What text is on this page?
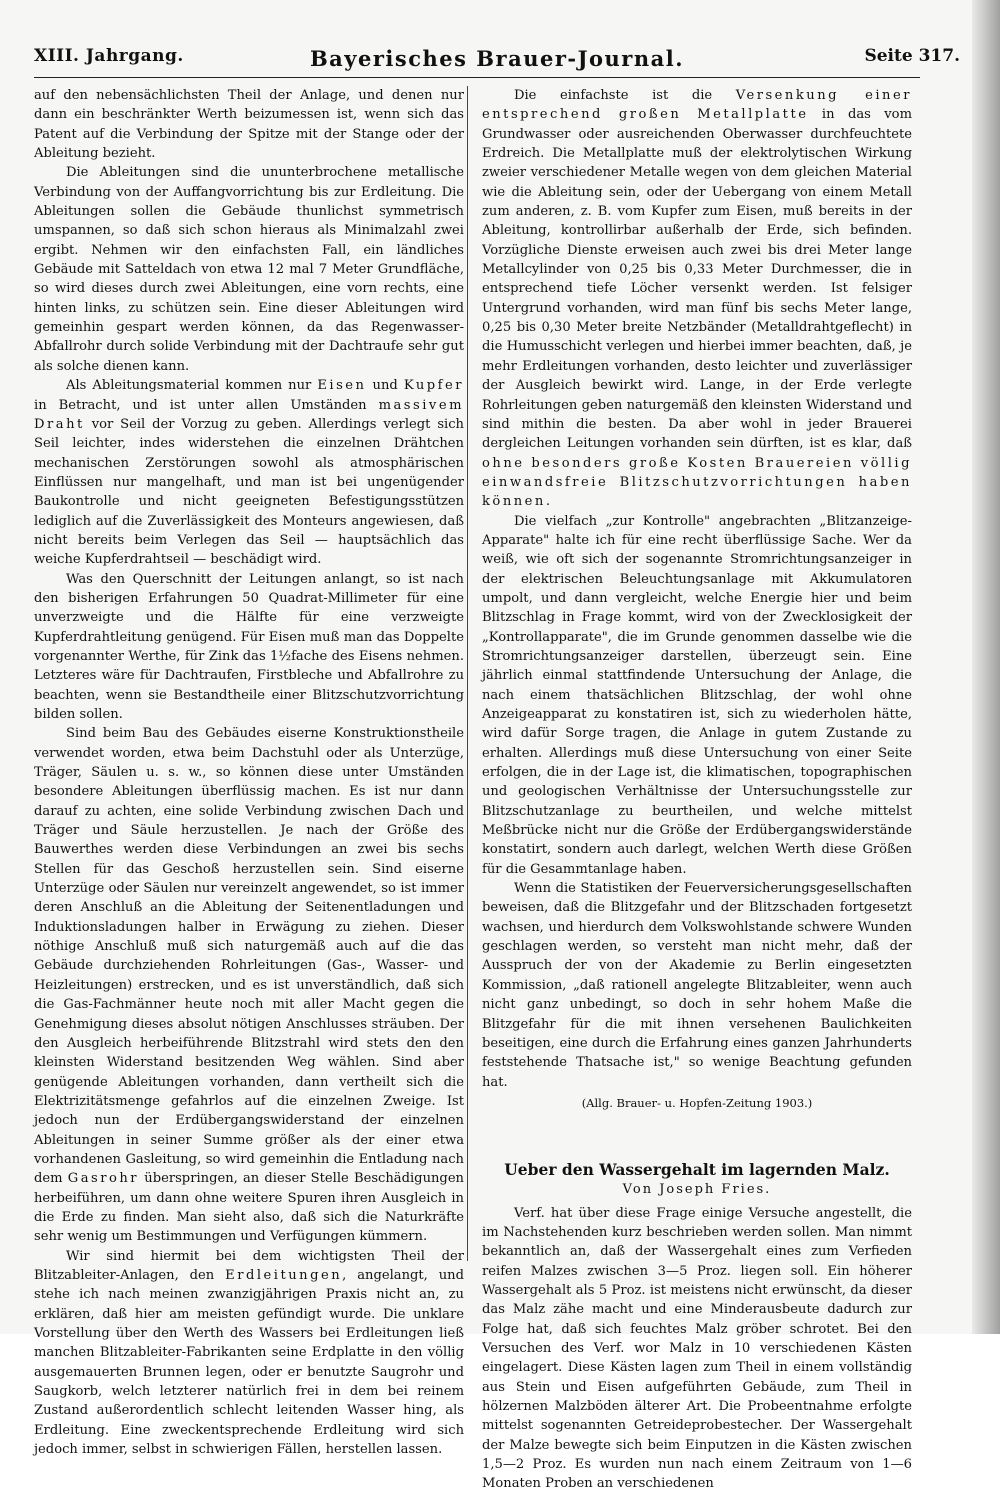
XIII. Jahrgang.	Bayerisches Brauer-Journal.	Seite 317.

auf den nebensächlichsten Theil der Anlage, und denen nur dann ein beschränkter Werth beizumessen ist, wenn sich das Patent auf die Verbindung der Spitze mit der Stange oder der Ableitung bezieht.

Die Ableitungen sind die ununterbrochene metallische Verbindung von der Auffangvorrichtung bis zur Erdleitung. Die Ableitungen sollen die Gebäude thunlichst symmetrisch umspannen, so daß sich schon hieraus als Minimalzahl zwei ergibt. Nehmen wir den einfachsten Fall, ein ländliches Gebäude mit Satteldach von etwa 12 mal 7 Meter Grundfläche, so wird dieses durch zwei Ableitungen, eine vorn rechts, eine hinten links, zu schützen sein. Eine dieser Ableitungen wird gemeinhin gespart werden können, da das Regenwasser-Abfallrohr durch solide Verbindung mit der Dachtraufe sehr gut als solche dienen kann.

Als Ableitungsmaterial kommen nur Eisen und Kupfer in Betracht, und ist unter allen Umständen massivem Draht vor Seil der Vorzug zu geben. Allerdings verlegt sich Seil leichter, indes widerstehen die einzelnen Drähtchen mechanischen Zerstörungen sowohl als atmosphärischen Einflüssen nur mangelhaft, und man ist bei ungenügender Baukontrolle und nicht geeigneten Befestigungsstützen lediglich auf die Zuverlässigkeit des Monteurs angewiesen, daß nicht bereits beim Verlegen das Seil — hauptsächlich das weiche Kupferdrahtseil — beschädigt wird.

Was den Querschnitt der Leitungen anlangt, so ist nach den bisherigen Erfahrungen 50 Quadrat-Millimeter für eine unverzweigte und die Hälfte für eine verzweigte Kupferdrahtleitung genügend. Für Eisen muß man das Doppelte vorgenannter Werthe, für Zink das 1½fache des Eisens nehmen. Letzteres wäre für Dachtraufen, Firstbleche und Abfallrohre zu beachten, wenn sie Bestandtheile einer Blitzschutzvorrichtung bilden sollen.

Sind beim Bau des Gebäudes eiserne Konstruktionstheile verwendet worden, etwa beim Dachstuhl oder als Unterzüge, Träger, Säulen u. s. w., so können diese unter Umständen besondere Ableitungen überflüssig machen. Es ist nur dann darauf zu achten, eine solide Verbindung zwischen Dach und Träger und Säule herzustellen. Je nach der Größe des Bauwerthes werden diese Verbindungen an zwei bis sechs Stellen für das Geschoß herzustellen sein. Sind eiserne Unterzüge oder Säulen nur vereinzelt angewendet, so ist immer deren Anschluß an die Ableitung der Seitenentladungen und Induktionsladungen halber in Erwägung zu ziehen. Dieser nöthige Anschluß muß sich naturgemäß auch auf die das Gebäude durchziehenden Rohrleitungen (Gas-, Wasser- und Heizleitungen) erstrecken, und es ist unverständlich, daß sich die Gas-Fachmänner heute noch mit aller Macht gegen die Genehmigung dieses absolut nötigen Anschlusses sträuben. Der den Ausgleich herbeiführende Blitzstrahl wird stets den den kleinsten Widerstand besitzenden Weg wählen. Sind aber genügende Ableitungen vorhanden, dann vertheilt sich die Elektrizitätsmenge gefahrlos auf die einzelnen Zweige. Ist jedoch nun der Erdübergangswiderstand der einzelnen Ableitungen in seiner Summe größer als der einer etwa vorhandenen Gasleitung, so wird gemeinhin die Entladung nach dem Gasrohr überspringen, an dieser Stelle Beschädigungen herbeiführen, um dann ohne weitere Spuren ihren Ausgleich in die Erde zu finden. Man sieht also, daß sich die Naturkräfte sehr wenig um Bestimmungen und Verfügungen kümmern.

Wir sind hiermit bei dem wichtigsten Theil der Blitzableiter-Anlagen, den Erdleitungen, angelangt, und stehe ich nach meinen zwanzigjährigen Praxis nicht an, zu erklären, daß hier am meisten gefündigt wurde. Die unklare Vorstellung über den Werth des Wassers bei Erdleitungen ließ manchen Blitzableiter-Fabrikanten seine Erdplatte in den völlig ausgemauerten Brunnen legen, oder er benutzte Saugrohr und Saugkorb, welch letzterer natürlich frei in dem bei reinem Zustand außerordentlich schlecht leitenden Wasser hing, als Erdleitung. Eine zweckentsprechende Erdleitung wird sich jedoch immer, selbst in schwierigen Fällen, herstellen lassen.

Die einfachste ist die Versenkung einer entsprechend großen Metallplatte in das vom Grundwasser oder ausreichenden Oberwasser durchfeuchtete Erdreich. Die Metallplatte muß der elektrolytischen Wirkung zweier verschiedener Metalle wegen von dem gleichen Material wie die Ableitung sein, oder der Uebergang von einem Metall zum anderen, z. B. vom Kupfer zum Eisen, muß bereits in der Ableitung, kontrollirbar außerhalb der Erde, sich befinden. Vorzügliche Dienste erweisen auch zwei bis drei Meter lange Metallcylinder von 0,25 bis 0,33 Meter Durchmesser, die in entsprechend tiefe Löcher versenkt werden. Ist felsiger Untergrund vorhanden, wird man fünf bis sechs Meter lange, 0,25 bis 0,30 Meter breite Netzbänder (Metalldrahtgeflecht) in die Humusschicht verlegen und hierbei immer beachten, daß, je mehr Erdleitungen vorhanden, desto leichter und zuverlässiger der Ausgleich bewirkt wird. Lange, in der Erde verlegte Rohrleitungen geben naturgemäß den kleinsten Widerstand und sind mithin die besten. Da aber wohl in jeder Brauerei dergleichen Leitungen vorhanden sein dürften, ist es klar, daß ohne besonders große Kosten Brauereien völlig einwandsfreie Blitzschutzvorrichtungen haben können.

Die vielfach „zur Kontrolle" angebrachten „Blitzanzeige-Apparate" halte ich für eine recht überflüssige Sache. Wer da weiß, wie oft sich der sogenannte Stromrichtungsanzeiger in der elektrischen Beleuchtungsanlage mit Akkumulatoren umpolt, und dann vergleicht, welche Energie hier und beim Blitzschlag in Frage kommt, wird von der Zwecklosigkeit der „Kontrollapparate", die im Grunde genommen dasselbe wie die Stromrichtungsanzeiger darstellen, überzeugt sein. Eine jährlich einmal stattfindende Untersuchung der Anlage, die nach einem thatsächlichen Blitzschlag, der wohl ohne Anzeigeapparat zu konstatiren ist, sich zu wiederholen hätte, wird dafür Sorge tragen, die Anlage in gutem Zustande zu erhalten. Allerdings muß diese Untersuchung von einer Seite erfolgen, die in der Lage ist, die klimatischen, topographischen und geologischen Verhältnisse der Untersuchungsstelle zur Blitzschutzanlage zu beurtheilen, und welche mittelst Meßbrücke nicht nur die Größe der Erdübergangswiderstände konstatirt, sondern auch darlegt, welchen Werth diese Größen für die Gesammtanlage haben.

Wenn die Statistiken der Feuerversicherungsgesellschaften beweisen, daß die Blitzgefahr und der Blitzschaden fortgesetzt wachsen, und hierdurch dem Volkswohlstande schwere Wunden geschlagen werden, so versteht man nicht mehr, daß der Ausspruch der von der Akademie zu Berlin eingesetzten Kommission, „daß rationell angelegte Blitzableiter, wenn auch nicht ganz unbedingt, so doch in sehr hohem Maße die Blitzgefahr für die mit ihnen versehenen Baulichkeiten beseitigen, eine durch die Erfahrung eines ganzen Jahrhunderts feststehende Thatsache ist," so wenige Beachtung gefunden hat.

(Allg. Brauer- u. Hopfen-Zeitung 1903.)

Ueber den Wassergehalt im lagernden Malz.

Von Joseph Fries.

Verf. hat über diese Frage einige Versuche angestellt, die im Nachstehenden kurz beschrieben werden sollen. Man nimmt bekanntlich an, daß der Wassergehalt eines zum Verfieden reifen Malzes zwischen 3—5 Proz. liegen soll. Ein höherer Wassergehalt als 5 Proz. ist meistens nicht erwünscht, da dieser das Malz zähe macht und eine Minderausbeute dadurch zur Folge hat, daß sich feuchtes Malz gröber schrotet. Bei den Versuchen des Verf. wor Malz in 10 verschiedenen Kästen eingelagert. Diese Kästen lagen zum Theil in einem vollständig aus Stein und Eisen aufgeführten Gebäude, zum Theil in hölzernen Malzböden älterer Art. Die Probeentnahme erfolgte mittelst sogenannten Getreideprobestecher. Der Wassergehalt der Malze bewegte sich beim Einputzen in die Kästen zwischen 1,5—2 Proz. Es wurden nun nach einem Zeitraum von 1—6 Monaten Proben an verschiedenen
